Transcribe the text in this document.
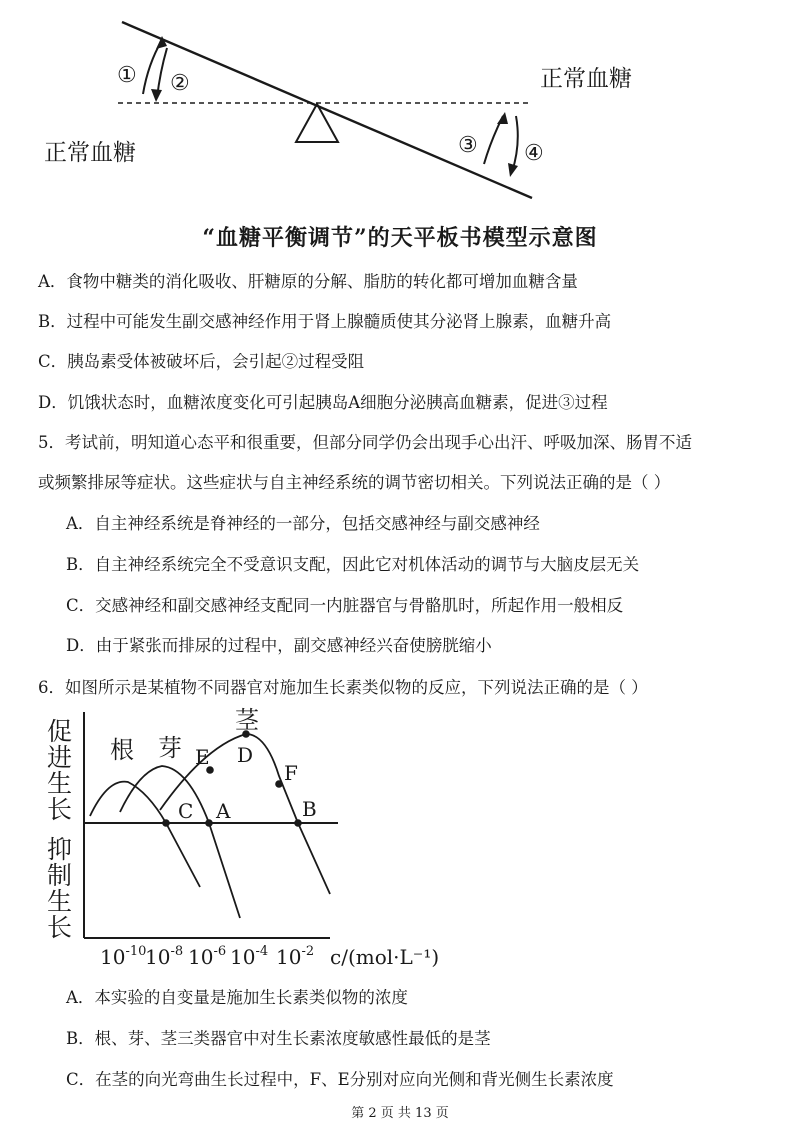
① ②
③ ④
正常血糖
正常血糖
“血糖平衡调节”的天平板书模型示意图
A．食物中糖类的消化吸收、肝糖原的分解、脂肪的转化都可增加血糖含量
B．过程中可能发生副交感神经作用于肾上腺髓质使其分泌肾上腺素，血糖升高
C．胰岛素受体被破坏后，会引起②过程受阻
D．饥饿状态时，血糖浓度变化可引起胰岛A细胞分泌胰高血糖素，促进③过程
5．考试前，明知道心态平和很重要，但部分同学仍会出现手心出汗、呼吸加深、肠胃不适
或频繁排尿等症状。这些症状与自主神经系统的调节密切相关。下列说法正确的是（ ）
A．自主神经系统是脊神经的一部分，包括交感神经与副交感神经
B．自主神经系统完全不受意识支配，因此它对机体活动的调节与大脑皮层无关
C．交感神经和副交感神经支配同一内脏器官与骨骼肌时，所起作用一般相反
D．由于紧张而排尿的过程中，副交感神经兴奋使膀胱缩小
6．如图所示是某植物不同器官对施加生长素类似物的反应，下列说法正确的是（ ）
促
进
生
长
抑
制
生
长
根 芽
茎
C A	B
E D
F
$10^{-10}$
$10^{-8}$ $10^{-6}$ $10^{-4}$ $10^{-2}$ c/(mol·L⁻¹)
A．本实验的自变量是施加生长素类似物的浓度
B．根、芽、茎三类器官中对生长素浓度敏感性最低的是茎
C．在茎的向光弯曲生长过程中，F、E分别对应向光侧和背光侧生长素浓度
第 2 页 共 13 页
